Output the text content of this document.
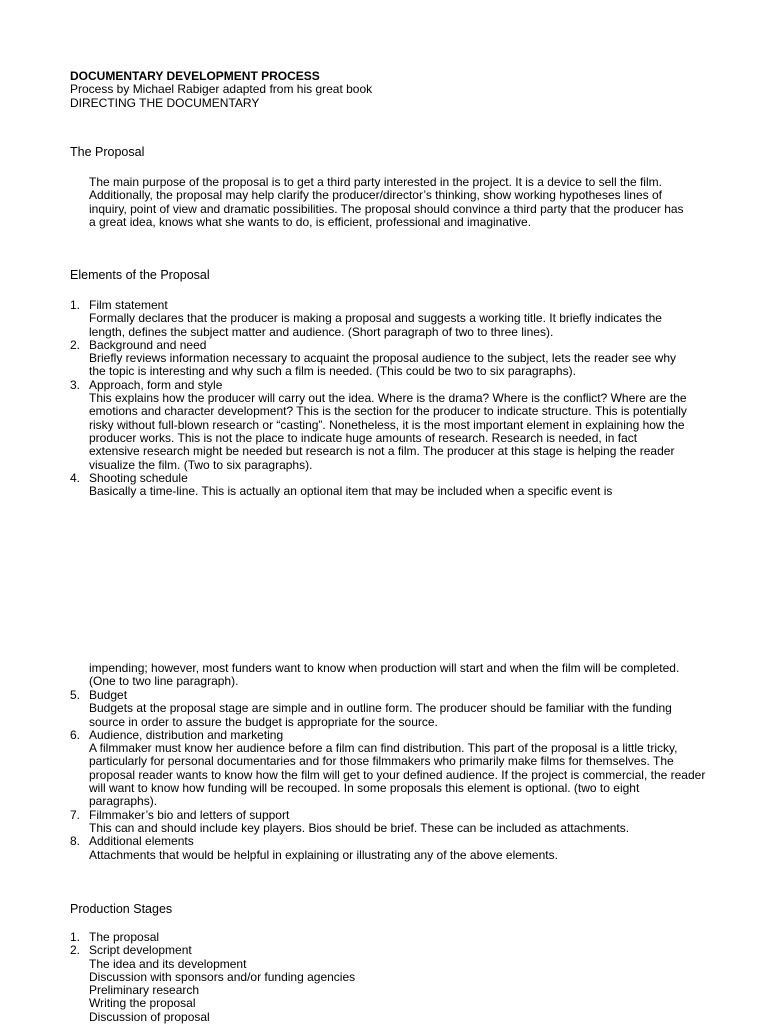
DOCUMENTARY DEVELOPMENT PROCESS
Process by Michael Rabiger adapted from his great book
DIRECTING THE DOCUMENTARY
The Proposal
The main purpose of the proposal is to get a third party interested in the project. It is a device to sell the film. Additionally, the proposal may help clarify the producer/director’s thinking, show working hypotheses lines of inquiry, point of view and dramatic possibilities. The proposal should convince a third party that the producer has a great idea, knows what she wants to do, is efficient, professional and imaginative.
Elements of the Proposal
1. Film statement
Formally declares that the producer is making a proposal and suggests a working title. It briefly indicates the length, defines the subject matter and audience. (Short paragraph of two to three lines).
2. Background and need
Briefly reviews information necessary to acquaint the proposal audience to the subject, lets the reader see why the topic is interesting and why such a film is needed. (This could be two to six paragraphs).
3. Approach, form and style
This explains how the producer will carry out the idea. Where is the drama? Where is the conflict? Where are the emotions and character development? This is the section for the producer to indicate structure. This is potentially risky without full-blown research or “casting”. Nonetheless, it is the most important element in explaining how the producer works. This is not the place to indicate huge amounts of research. Research is needed, in fact extensive research might be needed but research is not a film. The producer at this stage is helping the reader visualize the film. (Two to six paragraphs).
4. Shooting schedule
Basically a time-line. This is actually an optional item that may be included when a specific event is
impending; however, most funders want to know when production will start and when the film will be completed. (One to two line paragraph).
5. Budget
Budgets at the proposal stage are simple and in outline form. The producer should be familiar with the funding source in order to assure the budget is appropriate for the source.
6. Audience, distribution and marketing
A filmmaker must know her audience before a film can find distribution. This part of the proposal is a little tricky, particularly for personal documentaries and for those filmmakers who primarily make films for themselves. The proposal reader wants to know how the film will get to your defined audience. If the project is commercial, the reader will want to know how funding will be recouped. In some proposals this element is optional. (two to eight paragraphs).
7. Filmmaker’s bio and letters of support
This can and should include key players. Bios should be brief. These can be included as attachments.
8. Additional elements
Attachments that would be helpful in explaining or illustrating any of the above elements.
Production Stages
1. The proposal
2. Script development
The idea and its development
Discussion with sponsors and/or funding agencies
Preliminary research
Writing the proposal
Discussion of proposal
